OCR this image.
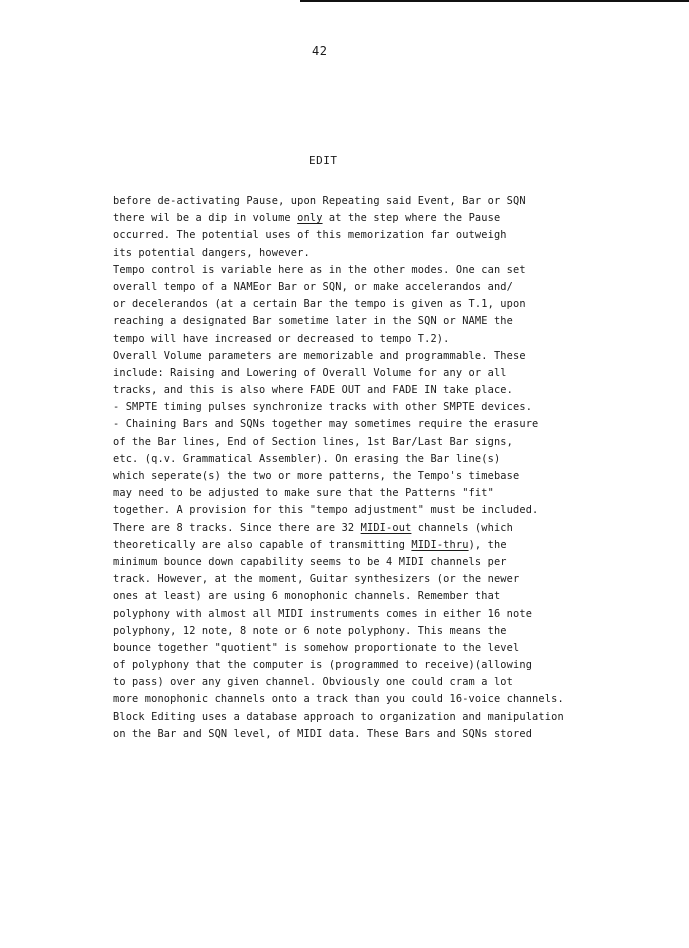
42
EDIT
before de-activating Pause, upon Repeating said Event, Bar or SQN
there wil be a dip in volume only at the step where the Pause
occurred. The potential uses of this memorization far outweigh
its potential dangers, however.
Tempo control is variable here as in the other modes. One can set
overall tempo of a NAMEor Bar or SQN, or make accelerandos and/
or decelerandos (at a certain Bar the tempo is given as T.1, upon
reaching a designated Bar sometime later in the SQN or NAME the
tempo will have increased or decreased to tempo T.2).
Overall Volume parameters are memorizable and programmable. These
include: Raising and Lowering of Overall Volume for any or all
tracks, and this is also where FADE OUT and FADE IN take place.
- SMPTE timing pulses synchronize tracks with other SMPTE devices.
- Chaining Bars and SQNs together may sometimes require the erasure
of the Bar lines, End of Section lines, 1st Bar/Last Bar signs,
etc. (q.v. Grammatical Assembler). On erasing the Bar line(s)
which seperate(s) the two or more patterns, the Tempo's timebase
may need to be adjusted to make sure that the Patterns "fit"
together. A provision for this "tempo adjustment" must be included.
There are 8 tracks. Since there are 32 MIDI-out channels (which
theoretically are also capable of transmitting MIDI-thru), the
minimum bounce down capability seems to be 4 MIDI channels per
track. However, at the moment, Guitar synthesizers (or the newer
ones at least) are using 6 monophonic channels. Remember that
polyphony with almost all MIDI instruments comes in either 16 note
polyphony, 12 note, 8 note or 6 note polyphony. This means the
bounce together "quotient" is somehow proportionate to the level
of polyphony that the computer is (programmed to receive)(allowing
to pass) over any given channel. Obviously one could cram a lot
more monophonic channels onto a track than you could 16-voice channels.
Block Editing uses a database approach to organization and manipulation
on the Bar and SQN level, of MIDI data. These Bars and SQNs stored
